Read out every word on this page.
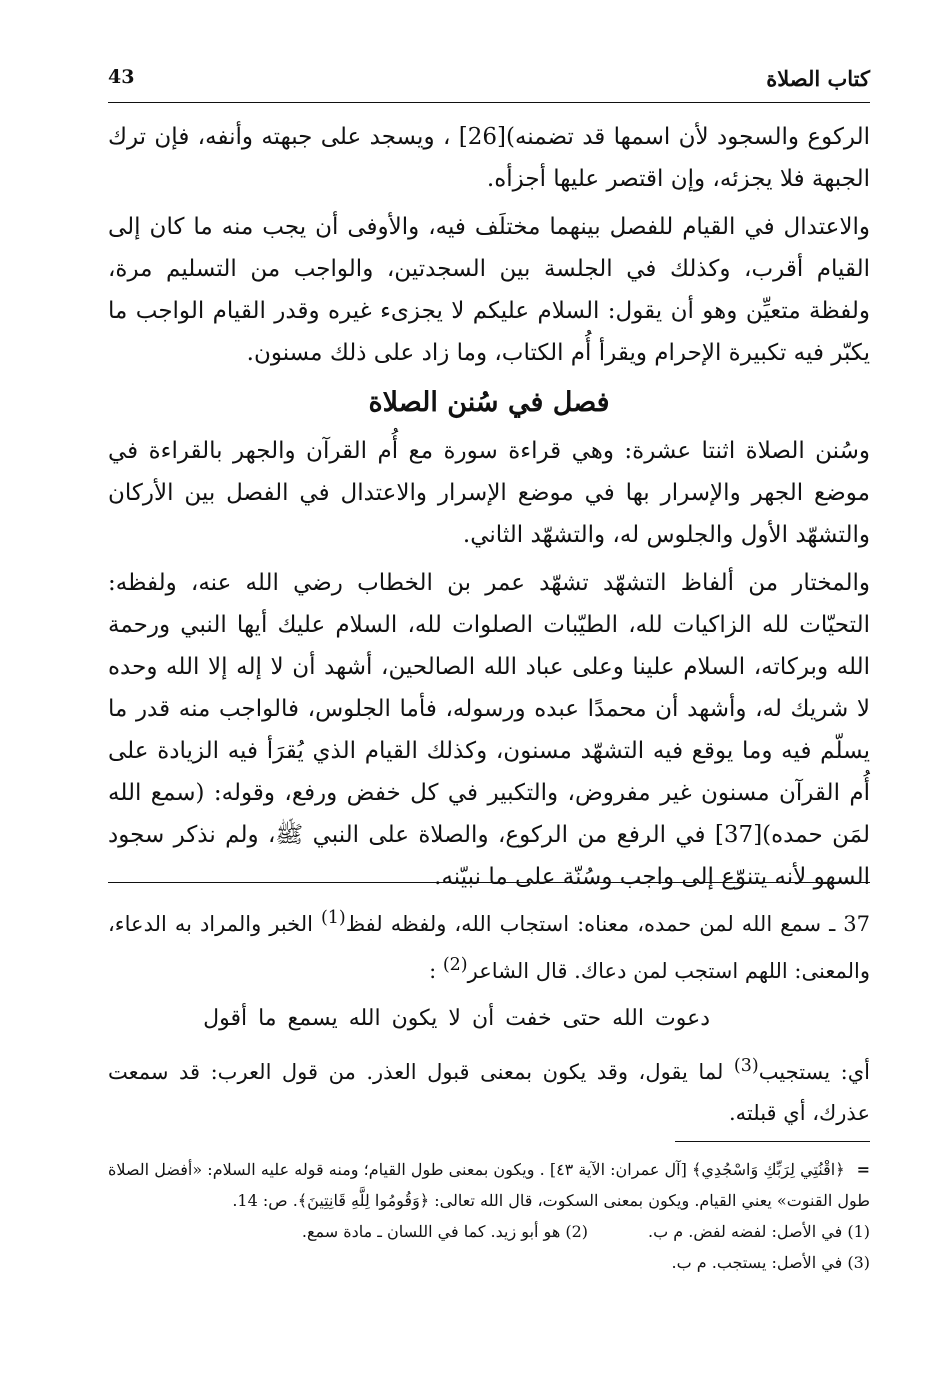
كتاب الصلاة
43

الركوع والسجود لأن اسمها قد تضمنه)[26] ، ويسجد على جبهته وأنفه، فإن ترك الجبهة فلا يجزئه، وإن اقتصر عليها أجزأه.

والاعتدال في القيام للفصل بينهما مختلَف فيه، والأوفى أن يجب منه ما كان إلى القيام أقرب، وكذلك في الجلسة بين السجدتين، والواجب من التسليم مرة، ولفظة متعيِّن وهو أن يقول: السلام عليكم لا يجزىء غيره وقدر القيام الواجب ما يكبّر فيه تكبيرة الإحرام ويقرأ أُم الكتاب، وما زاد على ذلك مسنون.

فصل في سُنن الصلاة

وسُنن الصلاة اثنتا عشرة: وهي قراءة سورة مع أُم القرآن والجهر بالقراءة في موضع الجهر والإسرار بها في موضع الإسرار والاعتدال في الفصل بين الأركان والتشهّد الأول والجلوس له، والتشهّد الثاني.

والمختار من ألفاظ التشهّد تشهّد عمر بن الخطاب رضي الله عنه، ولفظه: التحيّات لله الزاكيات لله، الطيّبات الصلوات لله، السلام عليك أيها النبي ورحمة الله وبركاته، السلام علينا وعلى عباد الله الصالحين، أشهد أن لا إله إلا الله وحده لا شريك له، وأشهد أن محمدًا عبده ورسوله، فأما الجلوس، فالواجب منه قدر ما يسلّم فيه وما يوقع فيه التشهّد مسنون، وكذلك القيام الذي يُقرَأ فيه الزيادة على أُم القرآن مسنون غير مفروض، والتكبير في كل خفض ورفع، وقوله: (سمع الله لمَن حمده)[37] في الرفع من الركوع، والصلاة على النبي ﷺ، ولم نذكر سجود السهو لأنه يتنوّع إلى واجب وسُنّة على ما نبيّنه.

37 ـ سمع الله لمن حمده، معناه: استجاب الله، ولفظه لفظ$^{(1)}$ الخبر والمراد به الدعاء، والمعنى: اللهم استجب لمن دعاك. قال الشاعر$^{(2)}$ :

دعوت الله حتى خفت أن لا يكون الله يسمع ما أقول

أي: يستجيب$^{(3)}$ لما يقول، وقد يكون بمعنى قبول العذر. من قول العرب: قد سمعت عذرك، أي قبلته.

=﴿اقْنُتِي لِرَبِّكِ وَاسْجُدِي﴾ [آل عمران: الآية ٤٣] . ويكون بمعنى طول القيام؛ ومنه قوله عليه السلام: «أفضل الصلاة طول القنوت» يعني القيام. ويكون بمعنى السكوت، قال الله تعالى: ﴿وَقُومُوا لِلَّهِ قَانِتِينَ﴾. ص: 14.

(1) في الأصل: لفضه لفض. م ب.

(2) هو أبو زيد. كما في اللسان ـ مادة سمع.

(3) في الأصل: يستجب. م ب.
